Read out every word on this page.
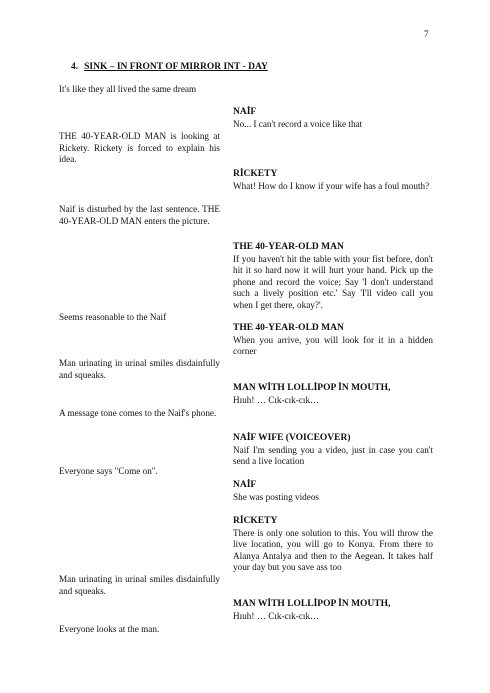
7
4. SINK – IN FRONT OF MIRROR INT - DAY
It's like they all lived the same dream
THE 40-YEAR-OLD MAN is looking at Rickety. Rickety is forced to explain his idea.
Naif is disturbed by the last sentence. THE 40-YEAR-OLD MAN enters the picture.
Seems reasonable to the Naif
Man urinating in urinal smiles disdainfully and squeaks.
A message tone comes to the Naif's phone.
Everyone says "Come on".
Man urinating in urinal smiles disdainfully and squeaks.
Everyone looks at the man.
NAİF
No... I can't record a voice like that
RİCKETY
What! How do I know if your wife has a foul mouth?
THE 40-YEAR-OLD MAN
If you haven't hit the table with your fist before, don't hit it so hard now it will hurt your hand. Pick up the phone and record the voice; Say 'I don't understand such a lively position etc.' Say 'I'll video call you when I get there, okay?'.
THE 40-YEAR-OLD MAN
When you arrive, you will look for it in a hidden corner
MAN WİTH LOLLİPOP İN MOUTH,
Hıuh! … Cık-cık-cık…
NAİF WIFE (VOICEOVER)
Naif I'm sending you a video, just in case you can't send a live location
NAİF
She was posting videos
RİCKETY
There is only one solution to this. You will throw the live location, you will go to Konya. From there to Alanya Antalya and then to the Aegean. It takes half your day but you save ass too
MAN WİTH LOLLİPOP İN MOUTH,
Hıuh! … Cık-cık-cık…
